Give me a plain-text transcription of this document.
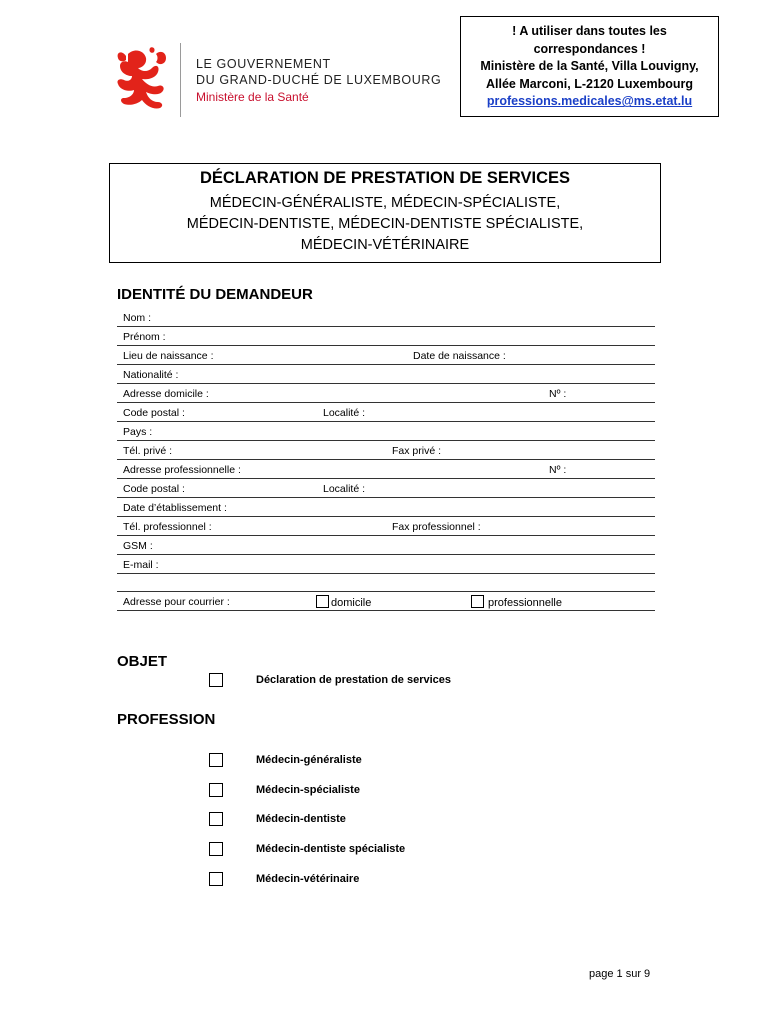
LE GOUVERNEMENT
DU GRAND-DUCHÉ DE LUXEMBOURG
Ministère de la Santé
! A utiliser dans toutes les
correspondances !
Ministère de la Santé, Villa Louvigny,
Allée Marconi, L-2120 Luxembourg
professions.medicales@ms.etat.lu
DÉCLARATION DE PRESTATION DE SERVICES
MÉDECIN-GÉNÉRALISTE, MÉDECIN-SPÉCIALISTE,
MÉDECIN-DENTISTE, MÉDECIN-DENTISTE SPÉCIALISTE,
MÉDECIN-VÉTÉRINAIRE
IDENTITÉ DU DEMANDEUR
Nom :
Prénom :
Lieu de naissance :	Date de naissance :
Nationalité :
Adresse domicile :	Nº :
Code postal :	Localité :
Pays :
Tél. privé :	Fax privé :
Adresse professionnelle :	Nº :
Code postal :	Localité :
Date d’établissement :
Tél. professionnel :	Fax professionnel :
GSM :
E-mail :
Adresse pour courrier :	domicile	professionnelle
OBJET
Déclaration de prestation de services
PROFESSION
Médecin-généraliste
Médecin-spécialiste
Médecin-dentiste
Médecin-dentiste spécialiste
Médecin-vétérinaire
page 1 sur 9
